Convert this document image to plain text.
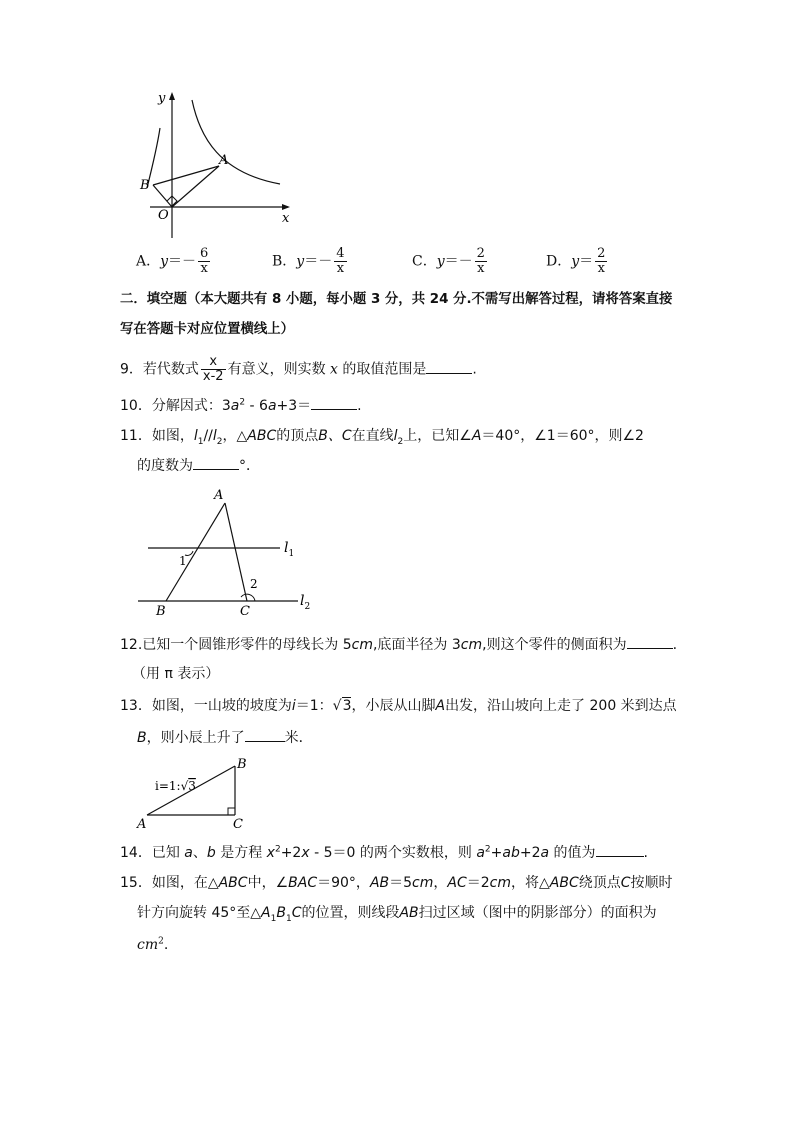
y
x
O
A
B
A．$y=- \frac{6}{x}$	B．$y=- \frac{4}{x}$	C．$y=- \frac{2}{x}$	D．$y= \frac{2}{x}$
二．填空题（本大题共有 8 小题，每小题 3 分，共 24 分.不需写出解答过程，请将答案直接
写在答题卡对应位置横线上）
9．若代数式 $\frac{x}{x-2}$ 有意义，则实数 x 的取值范围是	.
10．分解因式：$3a^2 - 6a+3=$	.
11．如图，$l_1//l_2$，△ABC的顶点B、C在直线$l_2$上，已知∠A＝40°，∠1＝60°，则∠2
的度数为	°．
A
B	C
1
2
$l_1$
$l_2$
12.已知一个圆锥形零件的母线长为 5cm,底面半径为 3cm,则这个零件的侧面积为	.
（用 π 表示）
13．如图，一山坡的坡度为i＝1：√3，小辰从山脚A出发，沿山坡向上走了 200 米到达点
B，则小辰上升了	米．
i=1:√3
A
B
C
14．已知 a、b 是方程 $x^2+2x - 5=0$ 的两个实数根，则 $a^2+ab+2a$ 的值为	.
15．如图，在△ABC中，∠BAC＝90°，AB＝5cm，AC＝2cm，将△ABC绕顶点C按顺时
针方向旋转 45°至$\triangle A_1B_1C$的位置，则线段AB扫过区域（图中的阴影部分）的面积为
$cm^2$.
